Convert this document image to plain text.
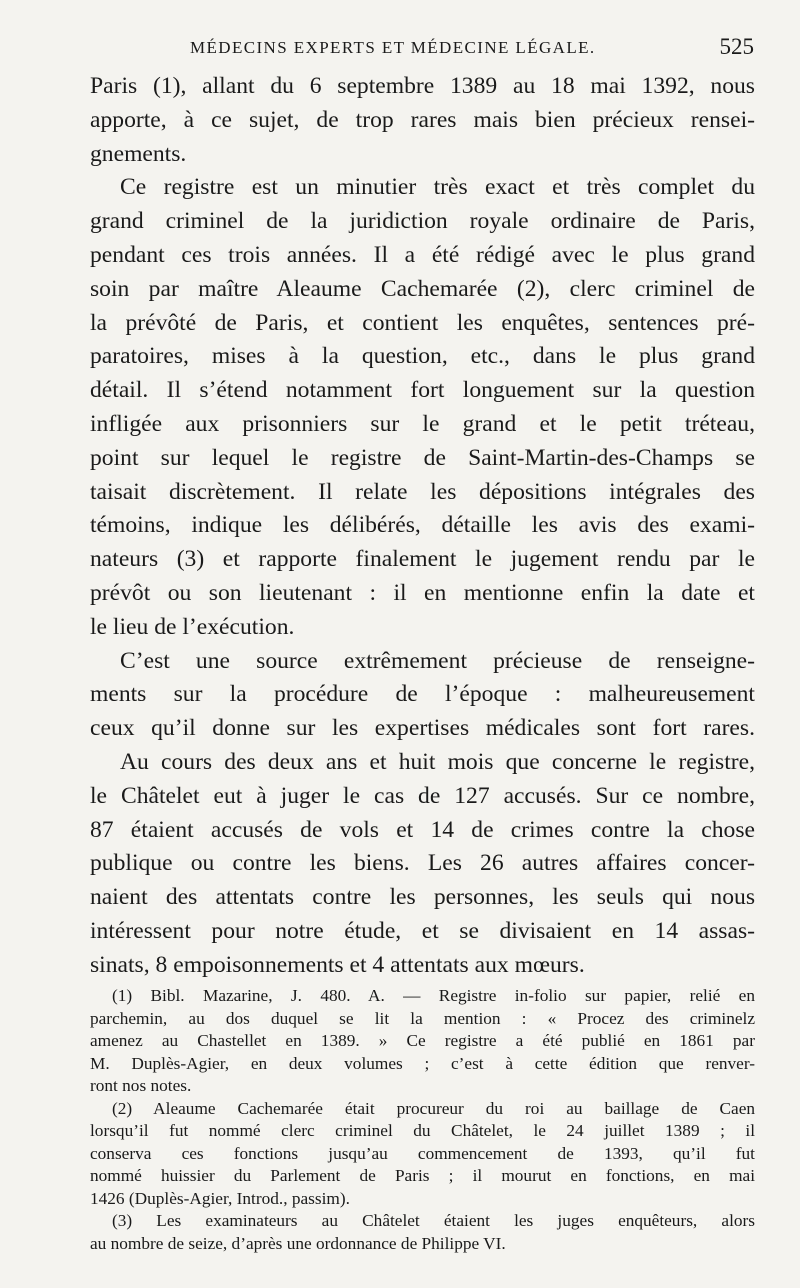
MÉDECINS EXPERTS ET MÉDECINE LÉGALE.	525
Paris (1), allant du 6 septembre 1389 au 18 mai 1392, nous
apporte, à ce sujet, de trop rares mais bien précieux rensei-
gnements.
Ce registre est un minutier très exact et très complet du
grand criminel de la juridiction royale ordinaire de Paris,
pendant ces trois années. Il a été rédigé avec le plus grand
soin par maître Aleaume Cachemarée (2), clerc criminel de
la prévôté de Paris, et contient les enquêtes, sentences pré-
paratoires, mises à la question, etc., dans le plus grand
détail. Il s’étend notamment fort longuement sur la question
infligée aux prisonniers sur le grand et le petit tréteau,
point sur lequel le registre de Saint-Martin-des-Champs se
taisait discrètement. Il relate les dépositions intégrales des
témoins, indique les délibérés, détaille les avis des exami-
nateurs (3) et rapporte finalement le jugement rendu par le
prévôt ou son lieutenant : il en mentionne enfin la date et
le lieu de l’exécution.
C’est une source extrêmement précieuse de renseigne-
ments sur la procédure de l’époque : malheureusement
ceux qu’il donne sur les expertises médicales sont fort rares.
Au cours des deux ans et huit mois que concerne le registre,
le Châtelet eut à juger le cas de 127 accusés. Sur ce nombre,
87 étaient accusés de vols et 14 de crimes contre la chose
publique ou contre les biens. Les 26 autres affaires concer-
naient des attentats contre les personnes, les seuls qui nous
intéressent pour notre étude, et se divisaient en 14 assas-
sinats, 8 empoisonnements et 4 attentats aux mœurs.
(1) Bibl. Mazarine, J. 480. A. — Registre in-folio sur papier, relié en
parchemin, au dos duquel se lit la mention : « Procez des criminelz
amenez au Chastellet en 1389. » Ce registre a été publié en 1861 par
M. Duplès-Agier, en deux volumes ; c’est à cette édition que renver-
ront nos notes.
(2) Aleaume Cachemarée était procureur du roi au baillage de Caen
lorsqu’il fut nommé clerc criminel du Châtelet, le 24 juillet 1389 ; il
conserva ces fonctions jusqu’au commencement de 1393, qu’il fut
nommé huissier du Parlement de Paris ; il mourut en fonctions, en mai
1426 (Duplès-Agier, Introd., passim).
(3) Les examinateurs au Châtelet étaient les juges enquêteurs, alors
au nombre de seize, d’après une ordonnance de Philippe VI.
